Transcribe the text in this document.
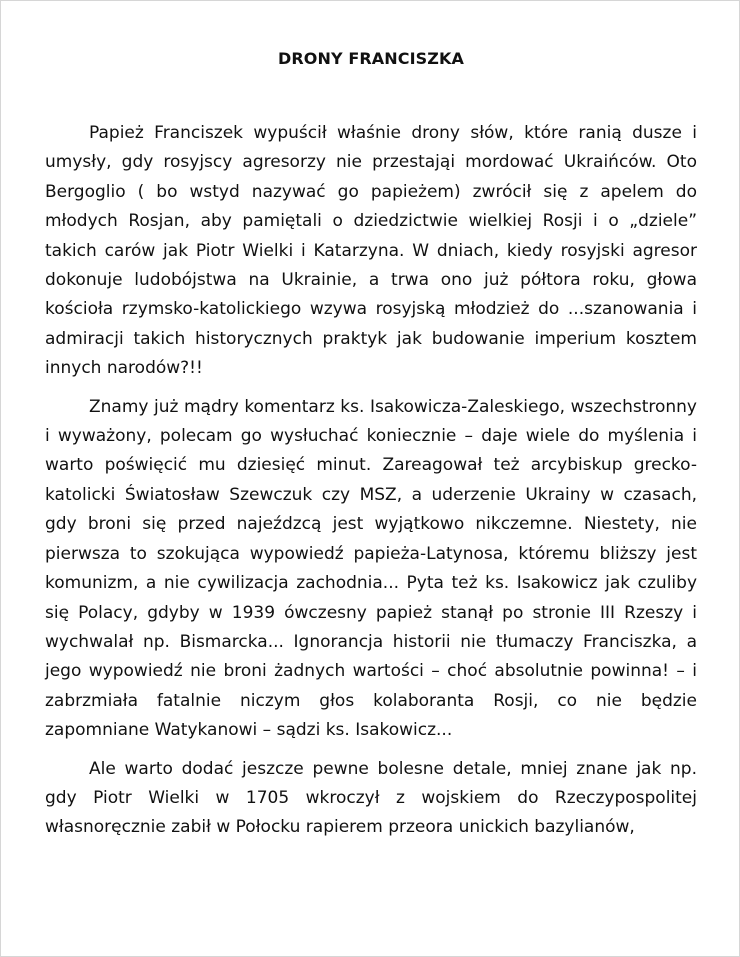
DRONY FRANCISZKA

Papież Franciszek wypuścił właśnie drony słów, które ranią dusze i umysły, gdy rosyjscy agresorzy nie przestająi mordować Ukraińców. Oto Bergoglio ( bo wstyd nazywać go papieżem) zwrócił się z apelem do młodych Rosjan, aby pamiętali o dziedzictwie wielkiej Rosji i o „dziele” takich carów jak Piotr Wielki i Katarzyna. W dniach, kiedy rosyjski agresor dokonuje ludobójstwa na Ukrainie, a trwa ono już półtora roku, głowa kościoła rzymsko-katolickiego wzywa rosyjską młodzież do ...szanowania i admiracji takich historycznych praktyk jak budowanie imperium kosztem innych narodów?!!

Znamy już mądry komentarz ks. Isakowicza-Zaleskiego, wszechstronny i wyważony, polecam go wysłuchać koniecznie – daje wiele do myślenia i warto poświęcić mu dziesięć minut. Zareagował też arcybiskup grecko-katolicki Światosław Szewczuk czy MSZ, a uderzenie Ukrainy w czasach, gdy broni się przed najeźdzcą jest wyjątkowo nikczemne. Niestety, nie pierwsza to szokująca wypowiedź papieża-Latynosa, któremu bliższy jest komunizm, a nie cywilizacja zachodnia... Pyta też ks. Isakowicz jak czuliby się Polacy, gdyby w 1939 ówczesny papież stanął po stronie III Rzeszy i wychwalał np. Bismarcka... Ignorancja historii nie tłumaczy Franciszka, a jego wypowiedź nie broni żadnych wartości – choć absolutnie powinna! – i zabrzmiała fatalnie niczym głos kolaboranta Rosji, co nie będzie zapomniane Watykanowi – sądzi ks. Isakowicz...

Ale warto dodać jeszcze pewne bolesne detale, mniej znane jak np. gdy Piotr Wielki w 1705 wkroczył z wojskiem do Rzeczypospolitej własnoręcznie zabił w Połocku rapierem przeora unickich bazylianów,
